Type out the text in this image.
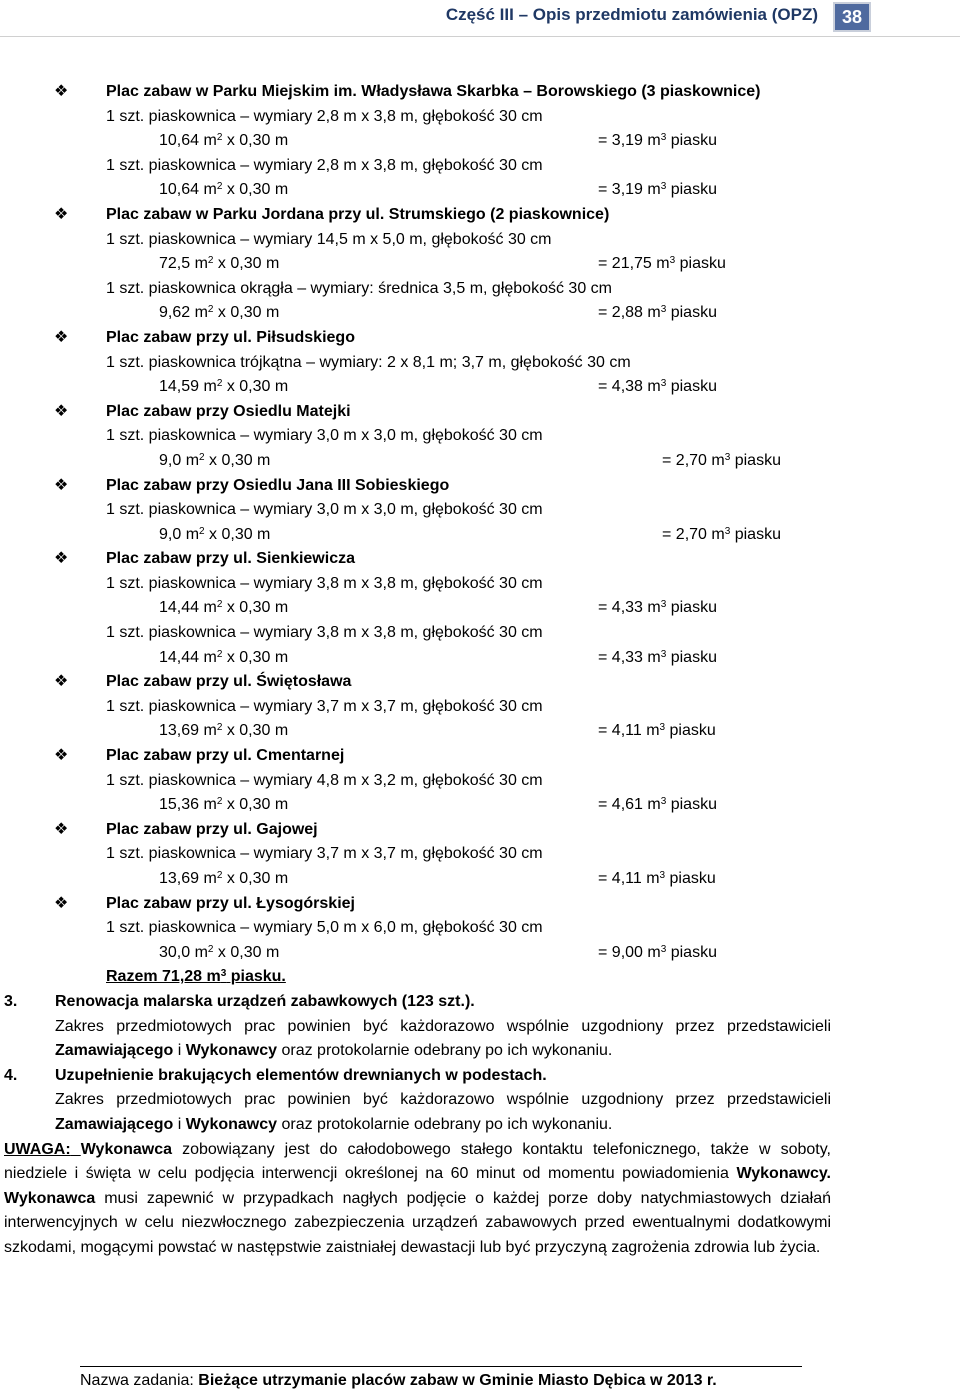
Część III – Opis przedmiotu zamówienia (OPZ)	38
❖ Plac zabaw w Parku Miejskim im. Władysława Skarbka – Borowskiego (3 piaskownice)
1 szt. piaskownica – wymiary 2,8 m x 3,8 m, głębokość 30 cm
10,64 $m^2$ x 0,30 m	= 3,19 $m^3$ piasku
1 szt. piaskownica – wymiary 2,8 m x 3,8 m, głębokość 30 cm
10,64 $m^2$ x 0,30 m	= 3,19 $m^3$ piasku
❖ Plac zabaw w Parku Jordana przy ul. Strumskiego (2 piaskownice)
1 szt. piaskownica – wymiary 14,5 m x 5,0 m, głębokość 30 cm
72,5 $m^2$ x 0,30 m	= 21,75 $m^3$ piasku
1 szt. piaskownica okrągła – wymiary: średnica 3,5 m, głębokość 30 cm
9,62 $m^2$ x 0,30 m	= 2,88 $m^3$ piasku
❖ Plac zabaw przy ul. Piłsudskiego
1 szt. piaskownica trójkątna – wymiary: 2 x 8,1 m; 3,7 m, głębokość 30 cm
14,59 $m^2$ x 0,30 m	= 4,38 $m^3$ piasku
❖ Plac zabaw przy Osiedlu Matejki
1 szt. piaskownica – wymiary 3,0 m x 3,0 m, głębokość 30 cm
9,0 $m^2$ x 0,30 m	= 2,70 $m^3$ piasku
❖ Plac zabaw przy Osiedlu Jana III Sobieskiego
1 szt. piaskownica – wymiary 3,0 m x 3,0 m, głębokość 30 cm
9,0 $m^2$ x 0,30 m	= 2,70 $m^3$ piasku
❖ Plac zabaw przy ul. Sienkiewicza
1 szt. piaskownica – wymiary 3,8 m x 3,8 m, głębokość 30 cm
14,44 $m^2$ x 0,30 m	= 4,33 $m^3$ piasku
1 szt. piaskownica – wymiary 3,8 m x 3,8 m, głębokość 30 cm
14,44 $m^2$ x 0,30 m	= 4,33 $m^3$ piasku
❖ Plac zabaw przy ul. Świętosława
1 szt. piaskownica – wymiary 3,7 m x 3,7 m, głębokość 30 cm
13,69 $m^2$ x 0,30 m	= 4,11 $m^3$ piasku
❖ Plac zabaw przy ul. Cmentarnej
1 szt. piaskownica – wymiary 4,8 m x 3,2 m, głębokość 30 cm
15,36 $m^2$ x 0,30 m	= 4,61 $m^3$ piasku
❖ Plac zabaw przy ul. Gajowej
1 szt. piaskownica – wymiary 3,7 m x 3,7 m, głębokość 30 cm
13,69 $m^2$ x 0,30 m	= 4,11 $m^3$ piasku
❖ Plac zabaw przy ul. Łysogórskiej
1 szt. piaskownica – wymiary 5,0 m x 6,0 m, głębokość 30 cm
30,0 $m^2$ x 0,30 m	= 9,00 $m^3$ piasku
Razem 71,28 $m^3$ piasku.
3. Renowacja malarska urządzeń zabawkowych (123 szt.).
Zakres przedmiotowych prac powinien być każdorazowo wspólnie uzgodniony przez przedstawicieli Zamawiającego i Wykonawcy oraz protokolarnie odebrany po ich wykonaniu.
4. Uzupełnienie brakujących elementów drewnianych w podestach.
Zakres przedmiotowych prac powinien być każdorazowo wspólnie uzgodniony przez przedstawicieli Zamawiającego i Wykonawcy oraz protokolarnie odebrany po ich wykonaniu.
UWAGA: Wykonawca zobowiązany jest do całodobowego stałego kontaktu telefonicznego, także w soboty, niedziele i święta w celu podjęcia interwencji określonej na 60 minut od momentu powiadomienia Wykonawcy. Wykonawca musi zapewnić w przypadkach nagłych podjęcie o każdej porze doby natychmiastowych działań interwencyjnych w celu niezwłocznego zabezpieczenia urządzeń zabawowych przed ewentualnymi dodatkowymi szkodami, mogącymi powstać w następstwie zaistniałej dewastacji lub być przyczyną zagrożenia zdrowia lub życia.
Nazwa zadania: Bieżące utrzymanie placów zabaw w Gminie Miasto Dębica w 2013 r.
